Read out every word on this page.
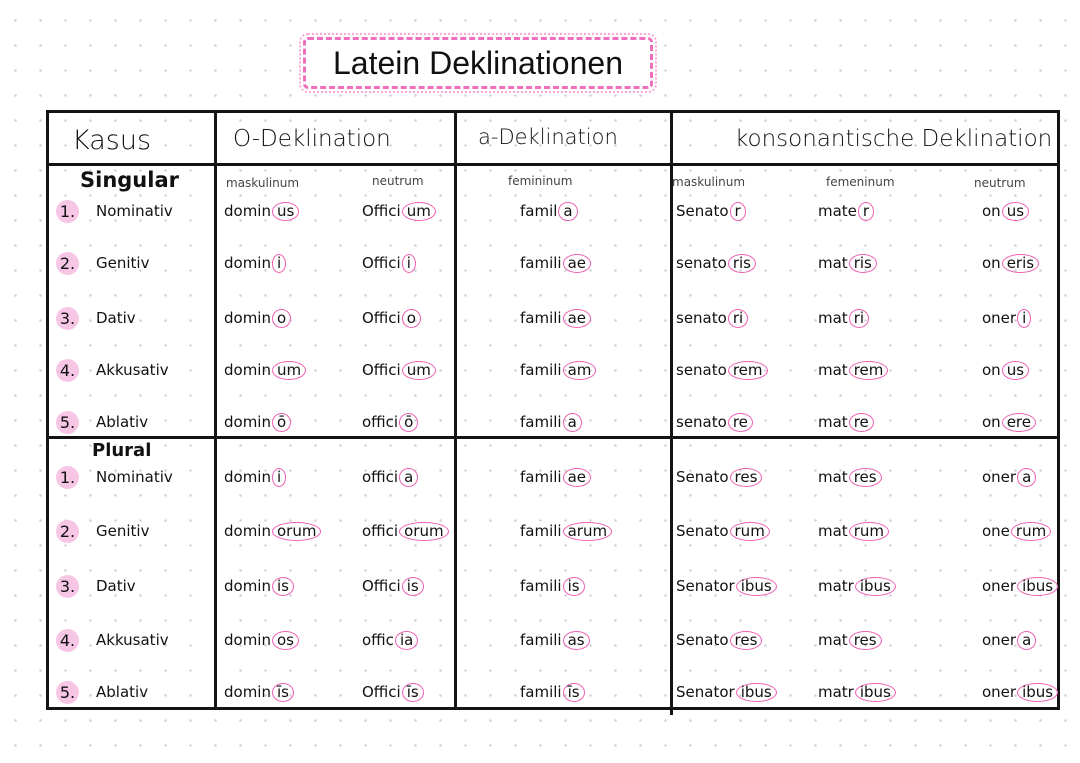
Latein Deklinationen
Kasus	O-Deklination	a-Deklination	konsonantische Deklination
maskulinum	neutrum	femininum	maskulinum	femeninum	neutrum
Singular
Plural
1. Nominativ	domin us	Offici um	famil a	Senato r	mate r	on us
2. Genitiv	domin i	Offici i	famili ae	senato ris	mat ris	on eris
3. Dativ	domin o	Offici o	famili ae	senato ri	mat ri	oner i
4. Akkusativ	domin um	Offici um	famili am	senato rem	mat rem	on us
5. Ablativ	domin ō	offici ō	famili a	senato re	mat re	on ere
1. Nominativ	domin i	offici a	famili ae	Senato res	mat res	oner a
2. Genitiv	domin orum	offici orum	famili arum	Senato rum	mat rum	one rum
3. Dativ	domin is	Offici is	famili is	Senator ibus	matr ibus	oner ibus
4. Akkusativ	domin os	offic ia	famili as	Senato res	mat res	oner a
5. Ablativ	domin īs	Offici īs	famili īs	Senator ibus	matr ibus	oner ibus
